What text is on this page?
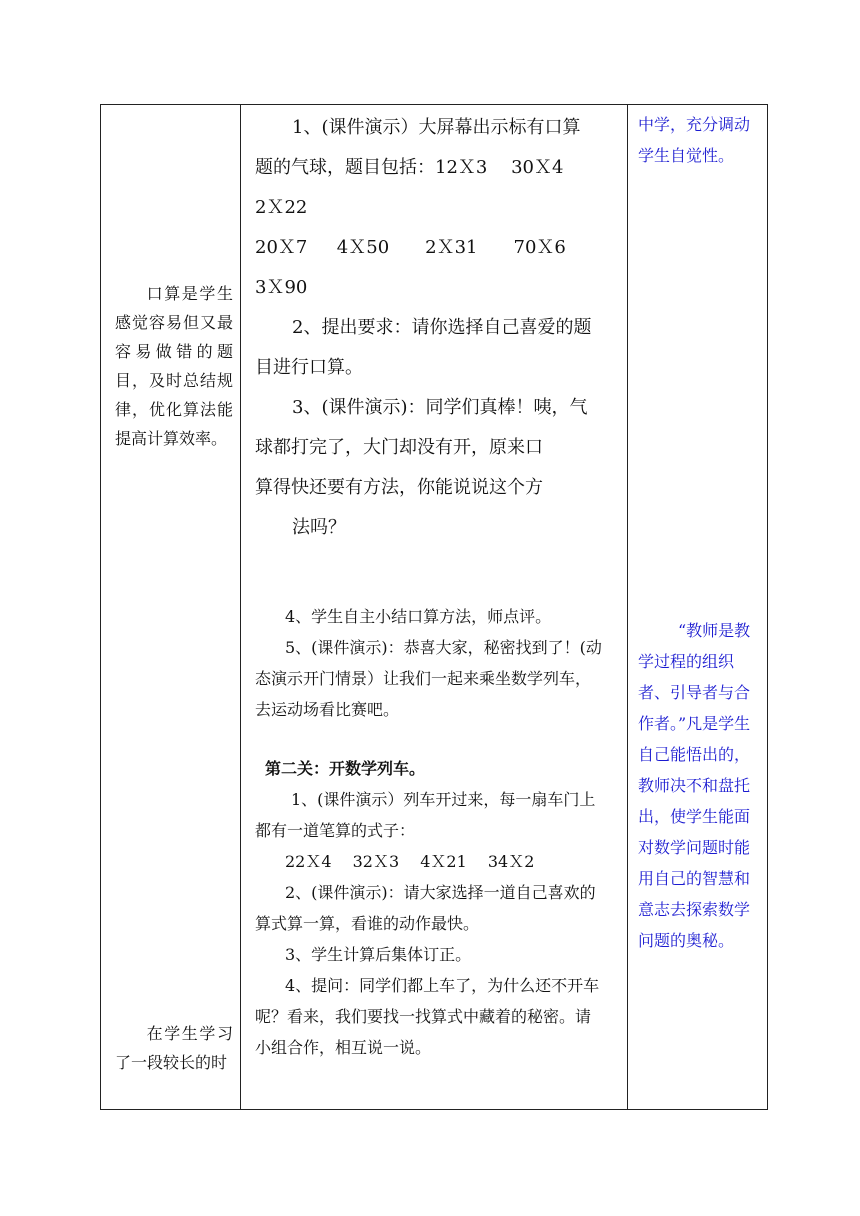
口算是学生感觉容易但又最容易做错的题目，及时总结规律，优化算法能提高计算效率。
在学生学习了一段较长的时

1、(课件演示）大屏幕出示标有口算

题的气球，题目包括：12Ｘ3　 30Ｘ4

2Ｘ22

20Ｘ7 　 4Ｘ50　　2Ｘ31　　70Ｘ6

3Ｘ90

2、提出要求：请你选择自己喜爱的题

目进行口算。

3、(课件演示)：同学们真棒！咦，气

球都打完了，大门却没有开，原来口

算得快还要有方法，你能说说这个方

法吗？

4、学生自主小结口算方法，师点评。

5、(课件演示)：恭喜大家，秘密找到了！(动

态演示开门情景）让我们一起来乘坐数学列车，

去运动场看比赛吧。

第二关：开数学列车。

1、(课件演示）列车开过来，每一扇车门上

都有一道笔算的式子：

22Ｘ4　 32Ｘ3　 4Ｘ21　 34Ｘ2

2、(课件演示)：请大家选择一道自己喜欢的

算式算一算，看谁的动作最快。

3、学生计算后集体订正。

4、提问：同学们都上车了，为什么还不开车

呢？看来，我们要找一找算式中藏着的秘密。请

小组合作，相互说一说。

中学，充分调动

学生自觉性。

“教师是教

学过程的组织

者、引导者与合

作者。”凡是学生

自己能悟出的，

教师决不和盘托

出，使学生能面

对数学问题时能

用自己的智慧和

意志去探索数学

问题的奥秘。
